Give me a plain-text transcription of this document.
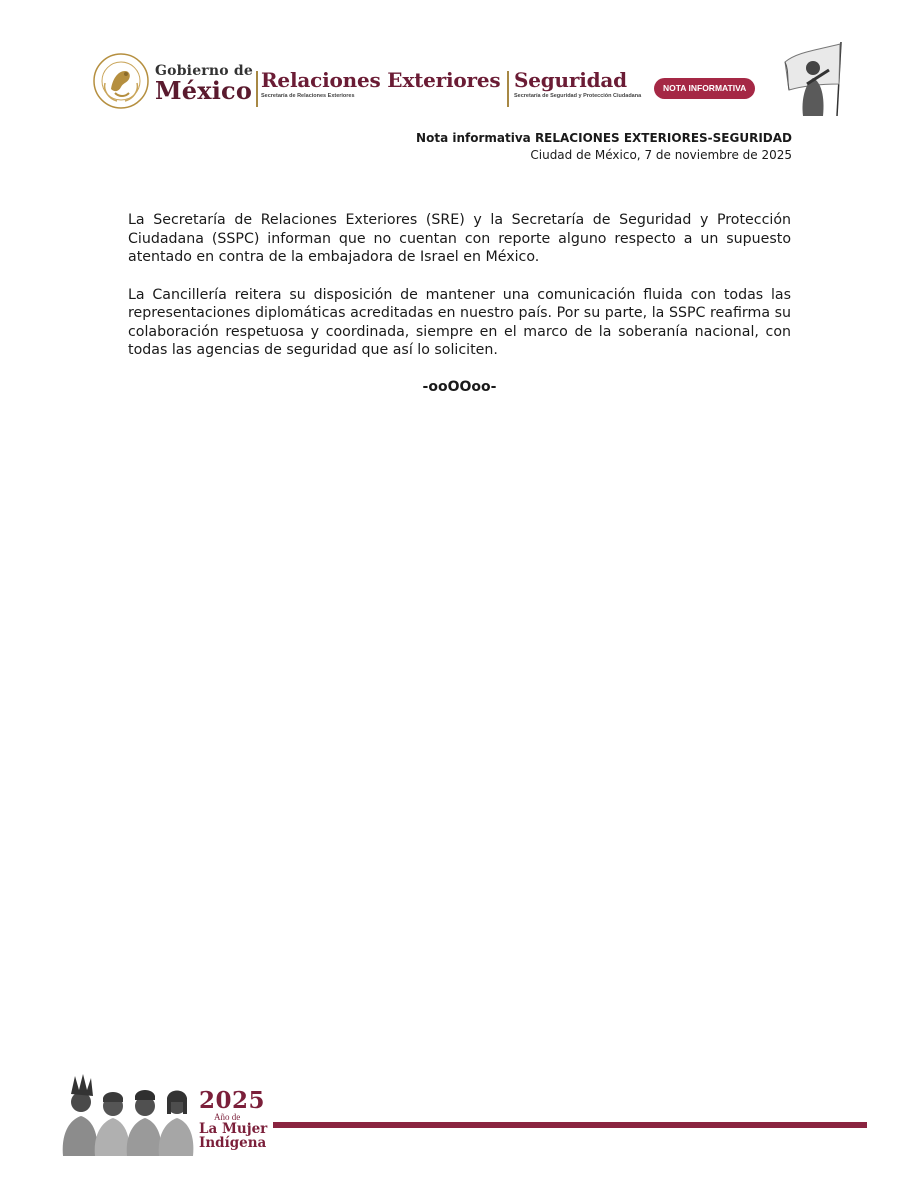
Gobierno de
México Relaciones Exteriores
Secretaría de Relaciones Exteriores
Seguridad
Secretaría de Seguridad y Protección Ciudadana
NOTA INFORMATIVA
Nota informativa RELACIONES EXTERIORES-SEGURIDAD
Ciudad de México, 7 de noviembre de 2025

La Secretaría de Relaciones Exteriores (SRE) y la Secretaría de Seguridad y Protección Ciudadana (SSPC) informan que no cuentan con reporte alguno respecto a un supuesto atentado en contra de la embajadora de Israel en México.

La Cancillería reitera su disposición de mantener una comunicación fluida con todas las representaciones diplomáticas acreditadas en nuestro país. Por su parte, la SSPC reafirma su colaboración respetuosa y coordinada, siempre en el marco de la soberanía nacional, con todas las agencias de seguridad que así lo soliciten.

-ooOOoo-
2025
Año de
La Mujer
Indígena
